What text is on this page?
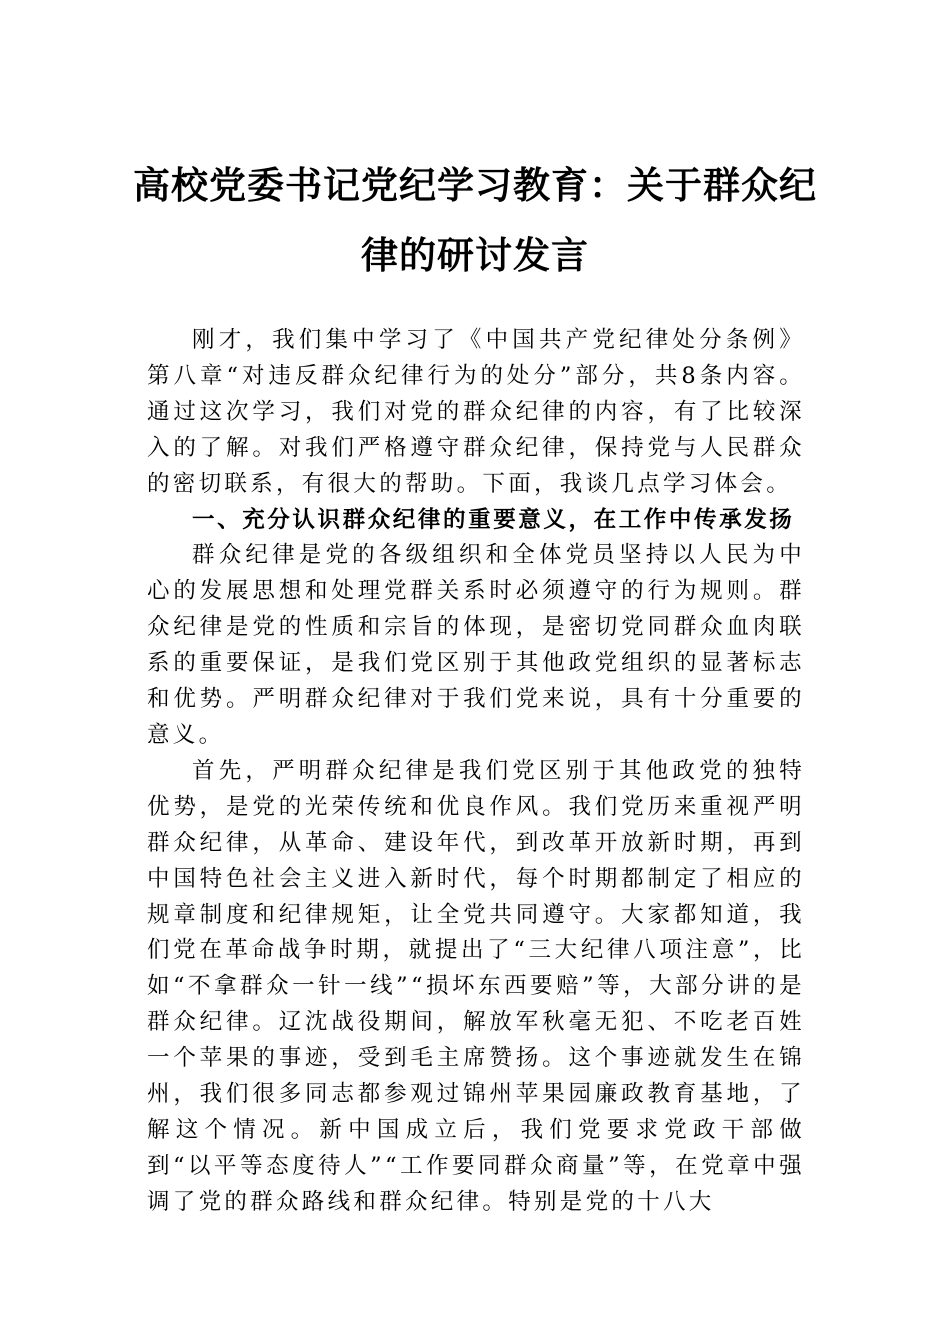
高校党委书记党纪学习教育：关于群众纪
律的研讨发言

刚才，我们集中学习了《中国共产党纪律处分条例》第八章“对违反群众纪律行为的处分”部分，共8条内容。通过这次学习，我们对党的群众纪律的内容，有了比较深入的了解。对我们严格遵守群众纪律，保持党与人民群众的密切联系，有很大的帮助。下面，我谈几点学习体会。

一、充分认识群众纪律的重要意义，在工作中传承发扬

群众纪律是党的各级组织和全体党员坚持以人民为中心的发展思想和处理党群关系时必须遵守的行为规则。群众纪律是党的性质和宗旨的体现，是密切党同群众血肉联系的重要保证，是我们党区别于其他政党组织的显著标志和优势。严明群众纪律对于我们党来说，具有十分重要的意义。

首先，严明群众纪律是我们党区别于其他政党的独特优势，是党的光荣传统和优良作风。我们党历来重视严明群众纪律，从革命、建设年代，到改革开放新时期，再到中国特色社会主义进入新时代，每个时期都制定了相应的规章制度和纪律规矩，让全党共同遵守。大家都知道，我们党在革命战争时期，就提出了“三大纪律八项注意”，比如“不拿群众一针一线”“损坏东西要赔”等，大部分讲的是群众纪律。辽沈战役期间，解放军秋毫无犯、不吃老百姓一个苹果的事迹，受到毛主席赞扬。这个事迹就发生在锦州，我们很多同志都参观过锦州苹果园廉政教育基地，了解这个情况。新中国成立后，我们党要求党政干部做到“以平等态度待人”“工作要同群众商量”等，在党章中强调了党的群众路线和群众纪律。特别是党的十八大
